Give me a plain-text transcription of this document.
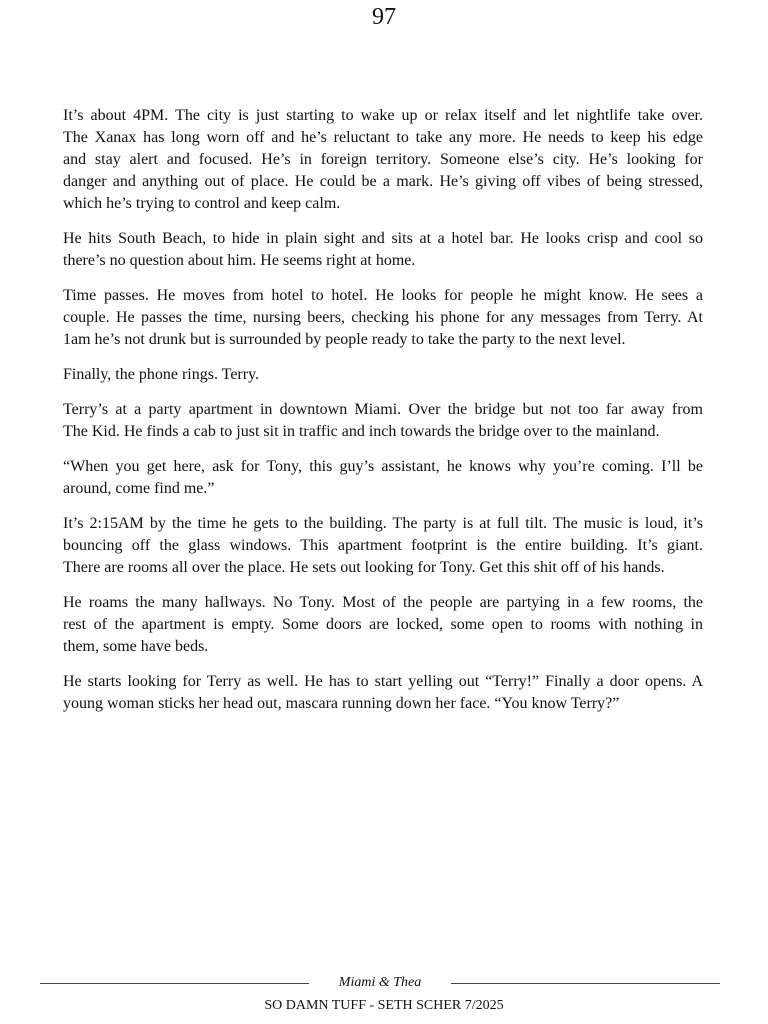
97
It’s about 4PM. The city is just starting to wake up or relax itself and let nightlife take over.
The Xanax has long worn off and he’s reluctant to take any more. He needs to keep his edge
and stay alert and focused. He’s in foreign territory. Someone else’s city. He’s looking for
danger and anything out of place. He could be a mark. He’s giving off vibes of being stressed,
which he’s trying to control and keep calm.
He hits South Beach, to hide in plain sight and sits at a hotel bar. He looks crisp and cool so
there’s no question about him. He seems right at home.
Time passes. He moves from hotel to hotel. He looks for people he might know. He sees a
couple. He passes the time, nursing beers, checking his phone for any messages from Terry. At
1am he’s not drunk but is surrounded by people ready to take the party to the next level.
Finally, the phone rings. Terry.
Terry’s at a party apartment in downtown Miami. Over the bridge but not too far away from
The Kid. He finds a cab to just sit in traffic and inch towards the bridge over to the mainland.
“When you get here, ask for Tony, this guy’s assistant, he knows why you’re coming. I’ll be
around, come find me.”
It’s 2:15AM by the time he gets to the building. The party is at full tilt. The music is loud, it’s
bouncing off the glass windows. This apartment footprint is the entire building. It’s giant.
There are rooms all over the place. He sets out looking for Tony. Get this shit off of his hands.
He roams the many hallways. No Tony. Most of the people are partying in a few rooms, the
rest of the apartment is empty. Some doors are locked, some open to rooms with nothing in
them, some have beds.
He starts looking for Terry as well. He has to start yelling out “Terry!” Finally a door opens. A
young woman sticks her head out, mascara running down her face. “You know Terry?”
Miami & Thea
SO DAMN TUFF - SETH SCHER 7/2025
